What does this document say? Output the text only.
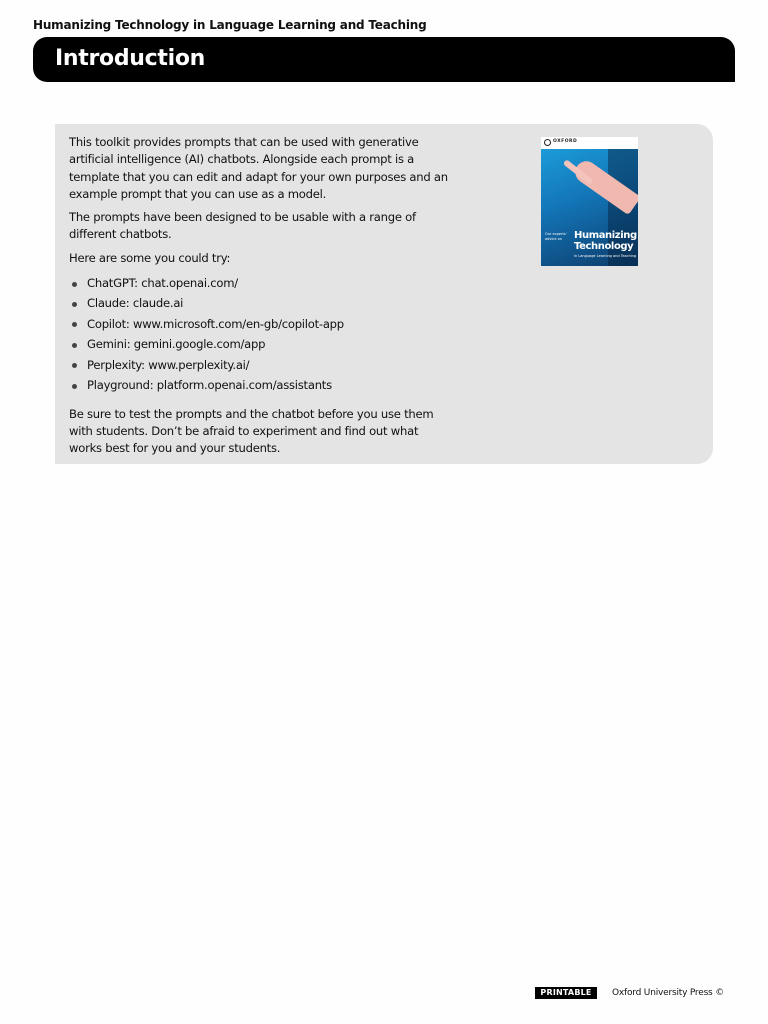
Humanizing Technology in Language Learning and Teaching
Introduction

This toolkit provides prompts that can be used with generative artificial intelligence (AI) chatbots. Alongside each prompt is a template that you can edit and adapt for your own purposes and an example prompt that you can use as a model.

The prompts have been designed to be usable with a range of different chatbots.

Here are some you could try:

ChatGPT: chat.openai.com/
Claude: claude.ai
Copilot: www.microsoft.com/en-gb/copilot-app
Gemini: gemini.google.com/app
Perplexity: www.perplexity.ai/
Playground: platform.openai.com/assistants

Be sure to test the prompts and the chatbot before you use them with students. Don’t be afraid to experiment and find out what works best for you and your students.

OXFORD
Our experts' advice on	Humanizing
Technology
in Language Learning and Teaching
PRINTABLE	Oxford University Press ©
